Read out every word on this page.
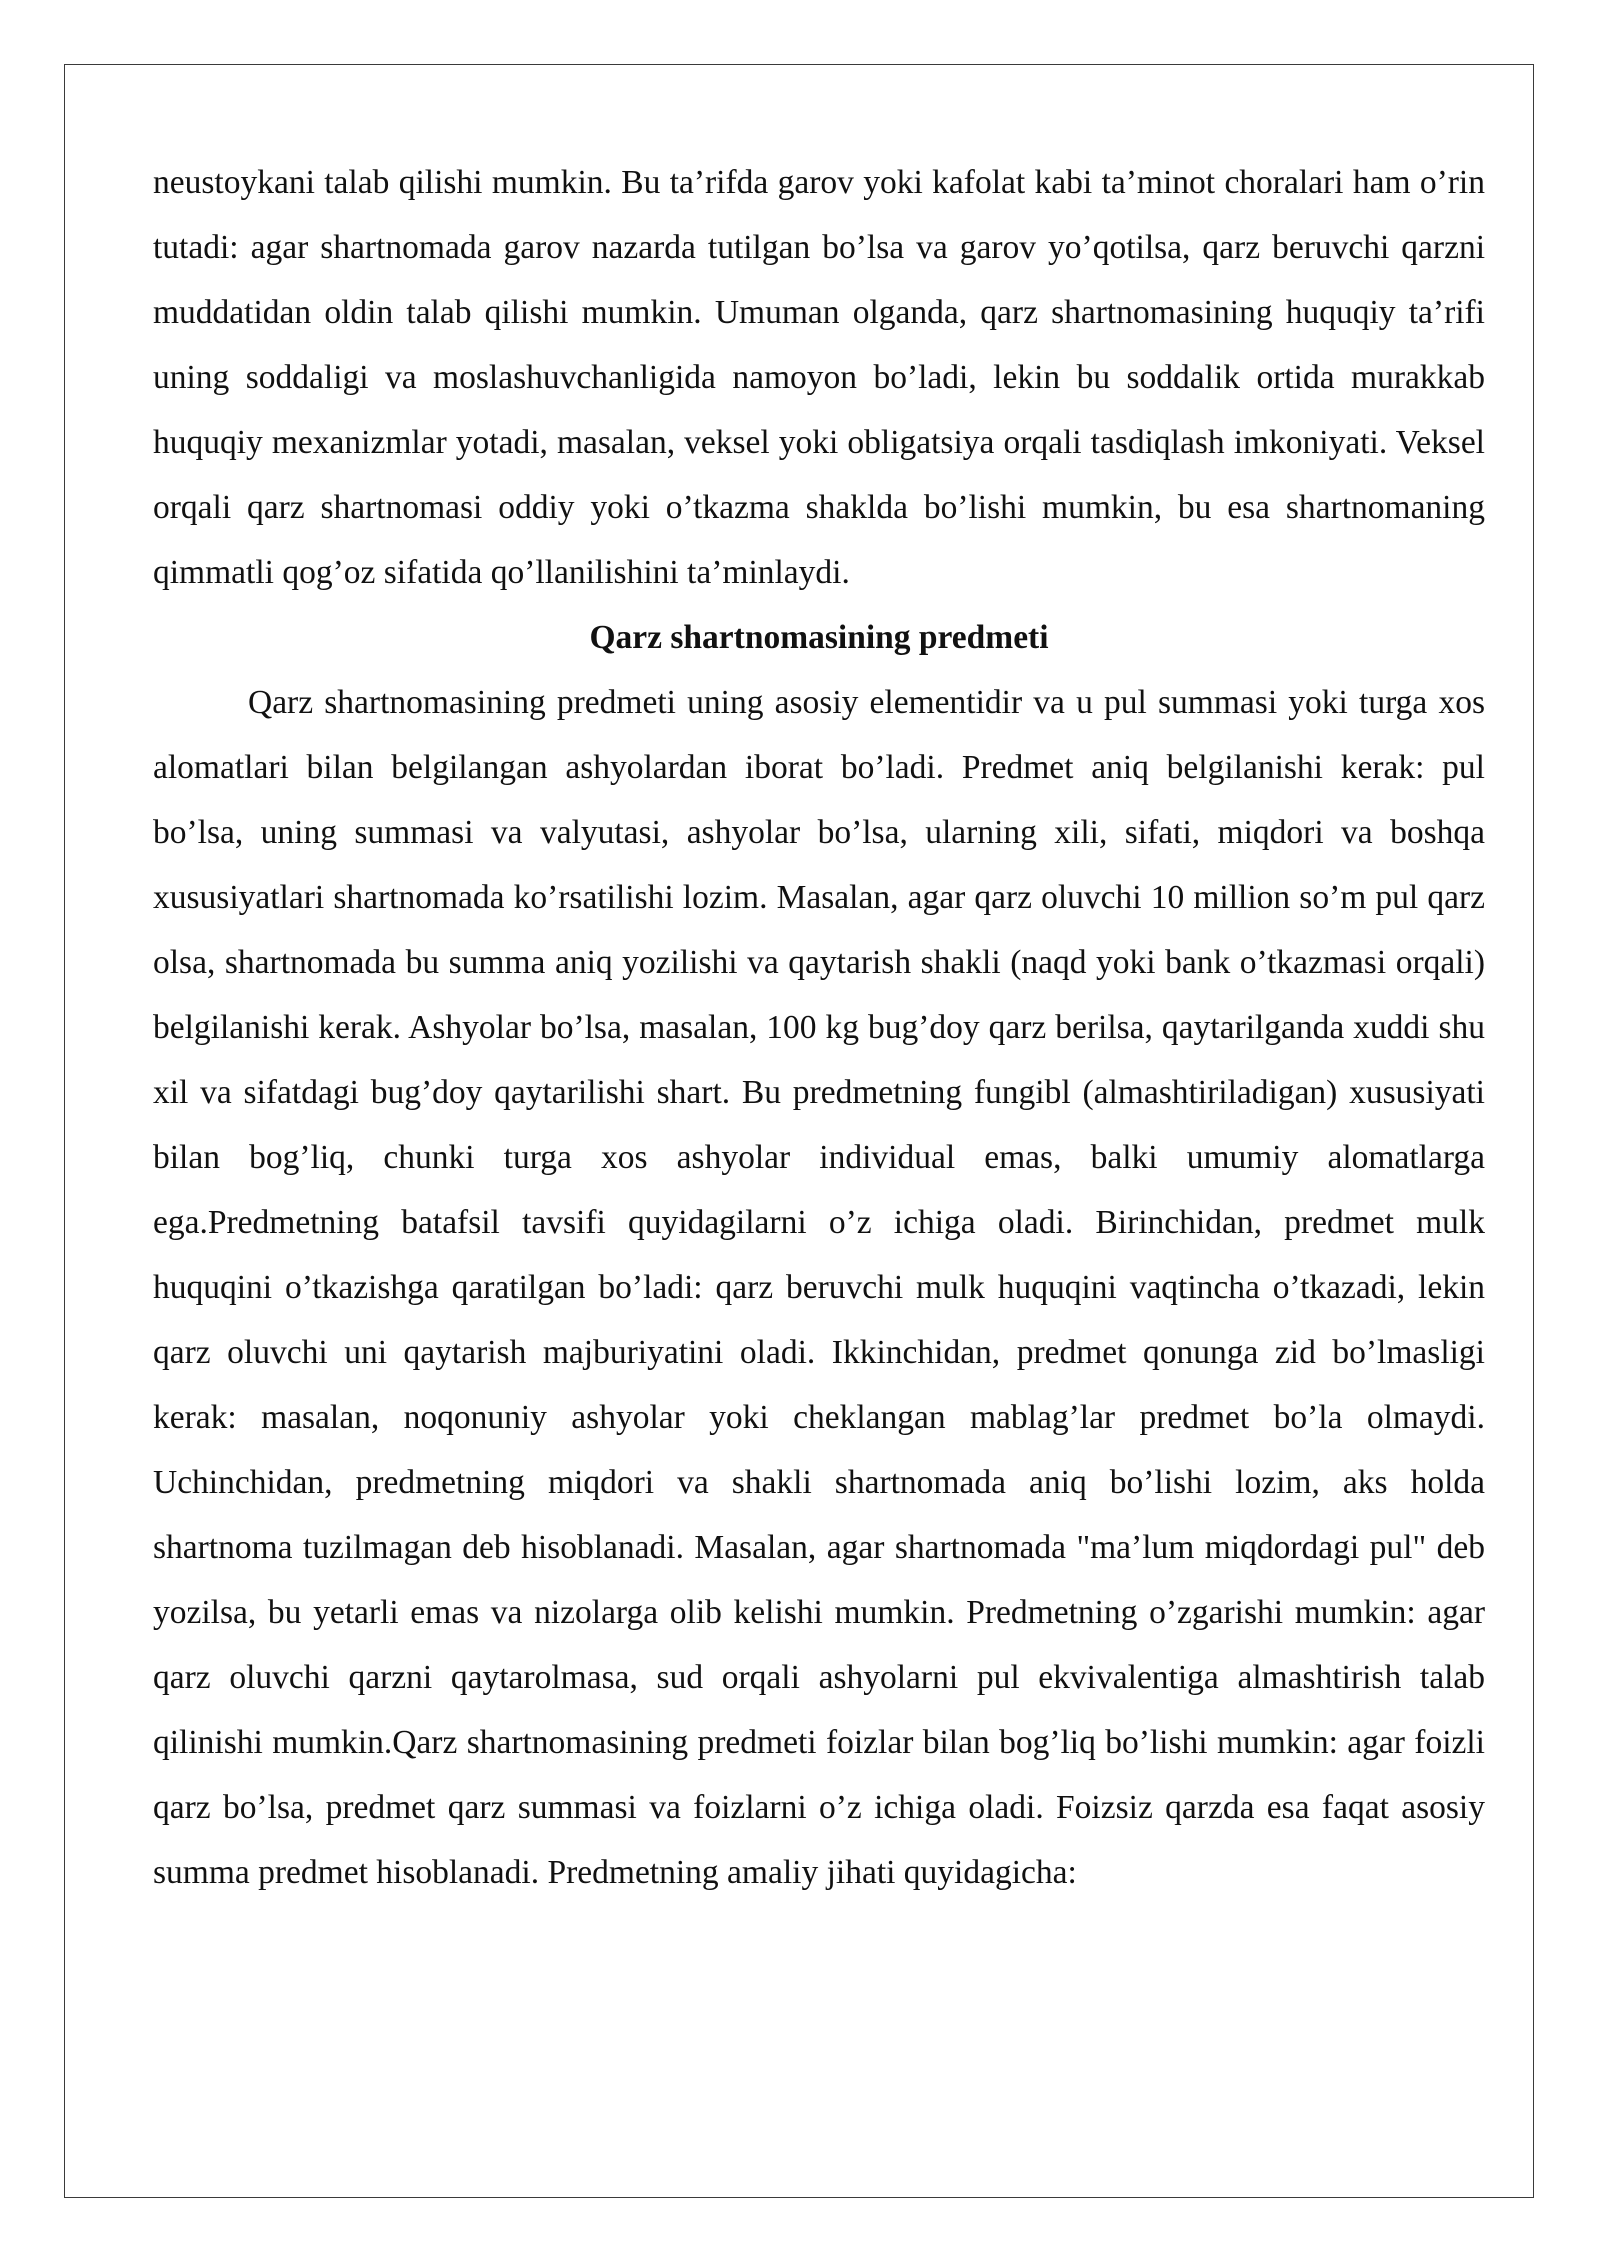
neustoykani talab qilishi mumkin. Bu ta’rifda garov yoki kafolat kabi ta’minot choralari ham o’rin tutadi: agar shartnomada garov nazarda tutilgan bo’lsa va garov yo’qotilsa, qarz beruvchi qarzni muddatidan oldin talab qilishi mumkin. Umuman olganda, qarz shartnomasining huquqiy ta’rifi uning soddaligi va moslashuvchanligida namoyon bo’ladi, lekin bu soddalik ortida murakkab huquqiy mexanizmlar yotadi, masalan, veksel yoki obligatsiya orqali tasdiqlash imkoniyati. Veksel orqali qarz shartnomasi oddiy yoki o’tkazma shaklda bo’lishi mumkin, bu esa shartnomaning qimmatli qog’oz sifatida qo’llanilishini ta’minlaydi.

Qarz shartnomasining predmeti

Qarz shartnomasining predmeti uning asosiy elementidir va u pul summasi yoki turga xos alomatlari bilan belgilangan ashyolardan iborat bo’ladi. Predmet aniq belgilanishi kerak: pul bo’lsa, uning summasi va valyutasi, ashyolar bo’lsa, ularning xili, sifati, miqdori va boshqa xususiyatlari shartnomada ko’rsatilishi lozim. Masalan, agar qarz oluvchi 10 million so’m pul qarz olsa, shartnomada bu summa aniq yozilishi va qaytarish shakli (naqd yoki bank o’tkazmasi orqali) belgilanishi kerak. Ashyolar bo’lsa, masalan, 100 kg bug’doy qarz berilsa, qaytarilganda xuddi shu xil va sifatdagi bug’doy qaytarilishi shart. Bu predmetning fungibl (almashtiriladigan) xususiyati bilan bog’liq, chunki turga xos ashyolar individual emas, balki umumiy alomatlarga ega.Predmetning batafsil tavsifi quyidagilarni o’z ichiga oladi. Birinchidan, predmet mulk huquqini o’tkazishga qaratilgan bo’ladi: qarz beruvchi mulk huquqini vaqtincha o’tkazadi, lekin qarz oluvchi uni qaytarish majburiyatini oladi. Ikkinchidan, predmet qonunga zid bo’lmasligi kerak: masalan, noqonuniy ashyolar yoki cheklangan mablag’lar predmet bo’la olmaydi. Uchinchidan, predmetning miqdori va shakli shartnomada aniq bo’lishi lozim, aks holda shartnoma tuzilmagan deb hisoblanadi. Masalan, agar shartnomada "ma’lum miqdordagi pul" deb yozilsa, bu yetarli emas va nizolarga olib kelishi mumkin. Predmetning o’zgarishi mumkin: agar qarz oluvchi qarzni qaytarolmasa, sud orqali ashyolarni pul ekvivalentiga almashtirish talab qilinishi mumkin.Qarz shartnomasining predmeti foizlar bilan bog’liq bo’lishi mumkin: agar foizli qarz bo’lsa, predmet qarz summasi va foizlarni o’z ichiga oladi. Foizsiz qarzda esa faqat asosiy summa predmet hisoblanadi. Predmetning amaliy jihati quyidagicha:
